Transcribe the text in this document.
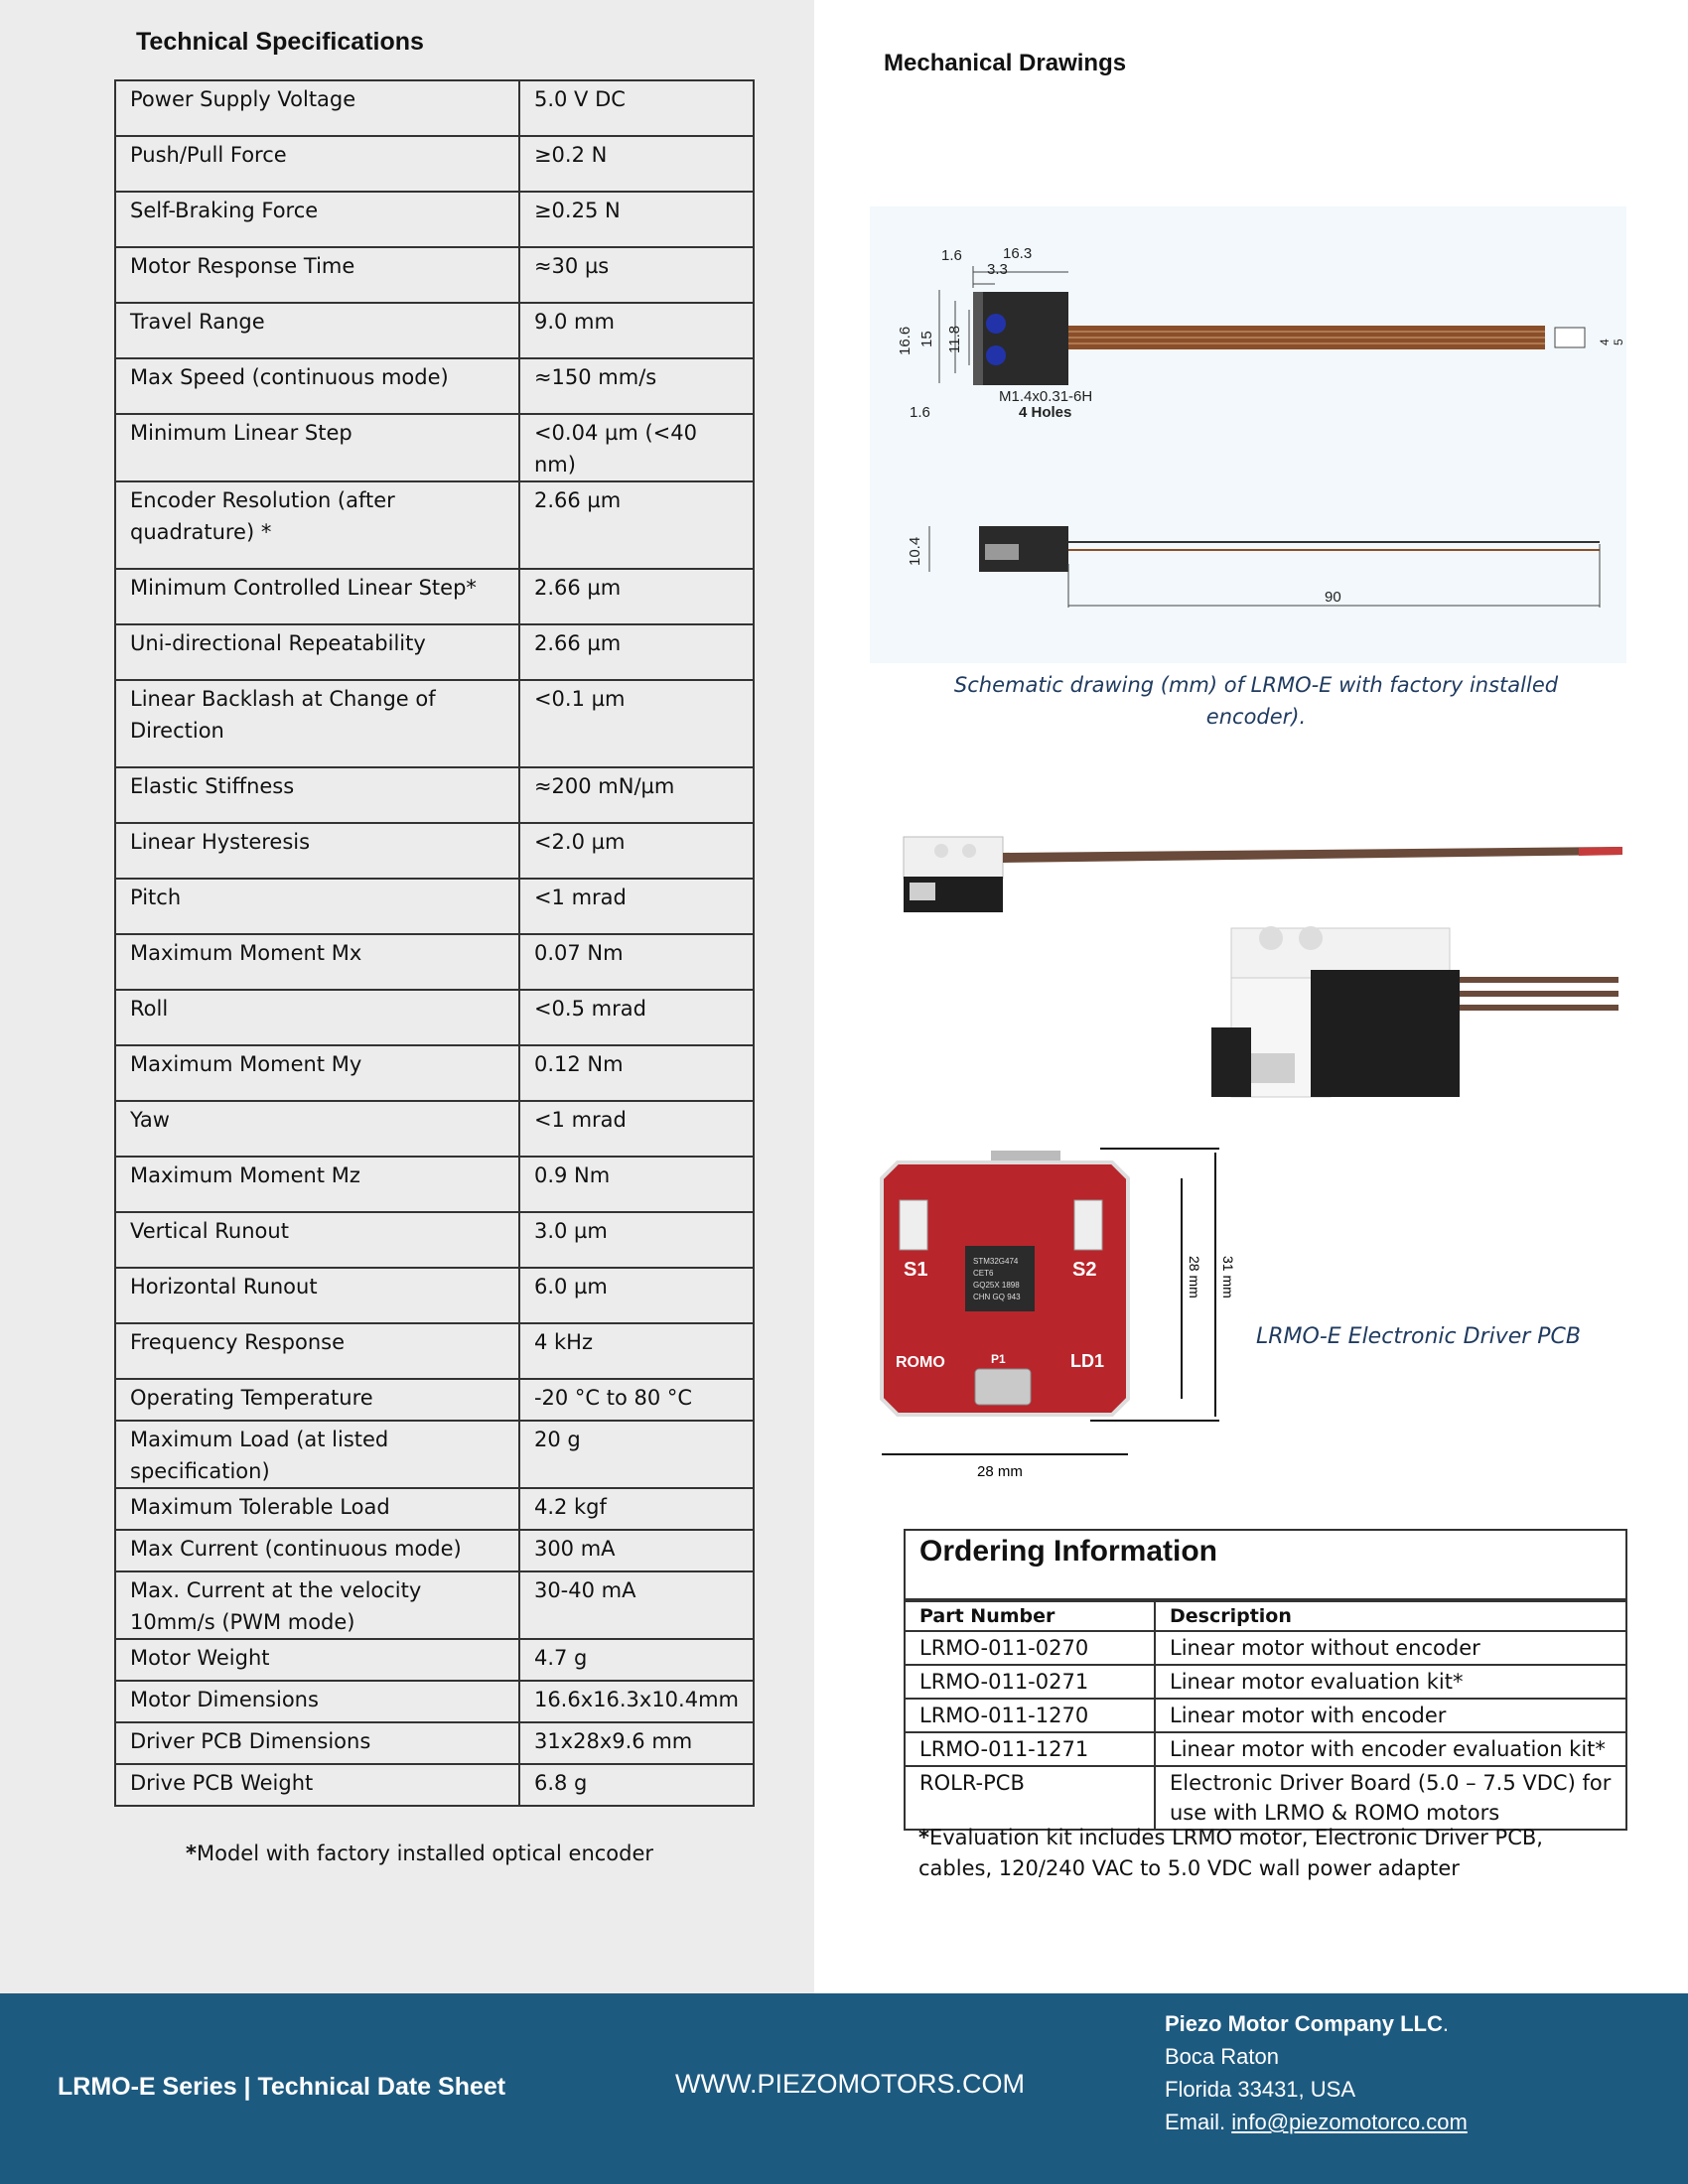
Technical Specifications
Power Supply Voltage	5.0 V DC
Push/Pull Force	≥0.2 N
Self-Braking Force	≥0.25 N
Motor Response Time	≈30 µs
Travel Range	9.0 mm
Max Speed (continuous mode)	≈150 mm/s
Minimum Linear Step	<0.04 µm (<40 nm)
Encoder Resolution (after quadrature) *	2.66 µm
Minimum Controlled Linear Step*	2.66 µm
Uni-directional Repeatability	2.66 µm
Linear Backlash at Change of Direction	<0.1 µm
Elastic Stiffness	≈200 mN/µm
Linear Hysteresis	<2.0 µm
Pitch	<1 mrad
Maximum Moment Mx	0.07 Nm
Roll	<0.5 mrad
Maximum Moment My	0.12 Nm
Yaw	<1 mrad
Maximum Moment Mz	0.9 Nm
Vertical Runout	3.0 µm
Horizontal Runout	6.0 µm
Frequency Response	4 kHz
Operating Temperature	-20 °C to 80 °C
Maximum Load (at listed specification)	20 g
Maximum Tolerable Load	4.2 kgf
Max Current (continuous mode)	300 mA
Max. Current at the velocity 10mm/s (PWM mode)	30-40 mA
Motor Weight	4.7 g
Motor Dimensions	16.6x16.3x10.4mm
Driver PCB Dimensions	31x28x9.6 mm
Drive PCB Weight	6.8 g
*Model with factory installed optical encoder
Mechanical Drawings
1.6	16.3
3.3
16.6 15 11.8
1.6
M1.4x0.31-6H
4 Holes
4 5
10.4
90
Schematic drawing (mm) of LRMO-E with factory installed encoder).
STM32G474
CET6
GQ25X 1898
CHN GQ 943
S1	S2
ROMO	P1	LD1
28 mm 31 mm
28 mm
LRMO-E Electronic Driver PCB
Ordering Information
Part Number	Description
LRMO-011-0270	Linear motor without encoder
LRMO-011-0271	Linear motor evaluation kit*
LRMO-011-1270	Linear motor with encoder
LRMO-011-1271	Linear motor with encoder evaluation kit*
ROLR-PCB	Electronic Driver Board (5.0 – 7.5 VDC) for use with LRMO & ROMO motors
*Evaluation kit includes LRMO motor, Electronic Driver PCB, cables, 120/240 VAC to 5.0 VDC wall power adapter
LRMO-E Series | Technical Date Sheet	WWW.PIEZOMOTORS.COM
Piezo Motor Company LLC.
Boca Raton
Florida 33431, USA
Email. info@piezomotorco.com
